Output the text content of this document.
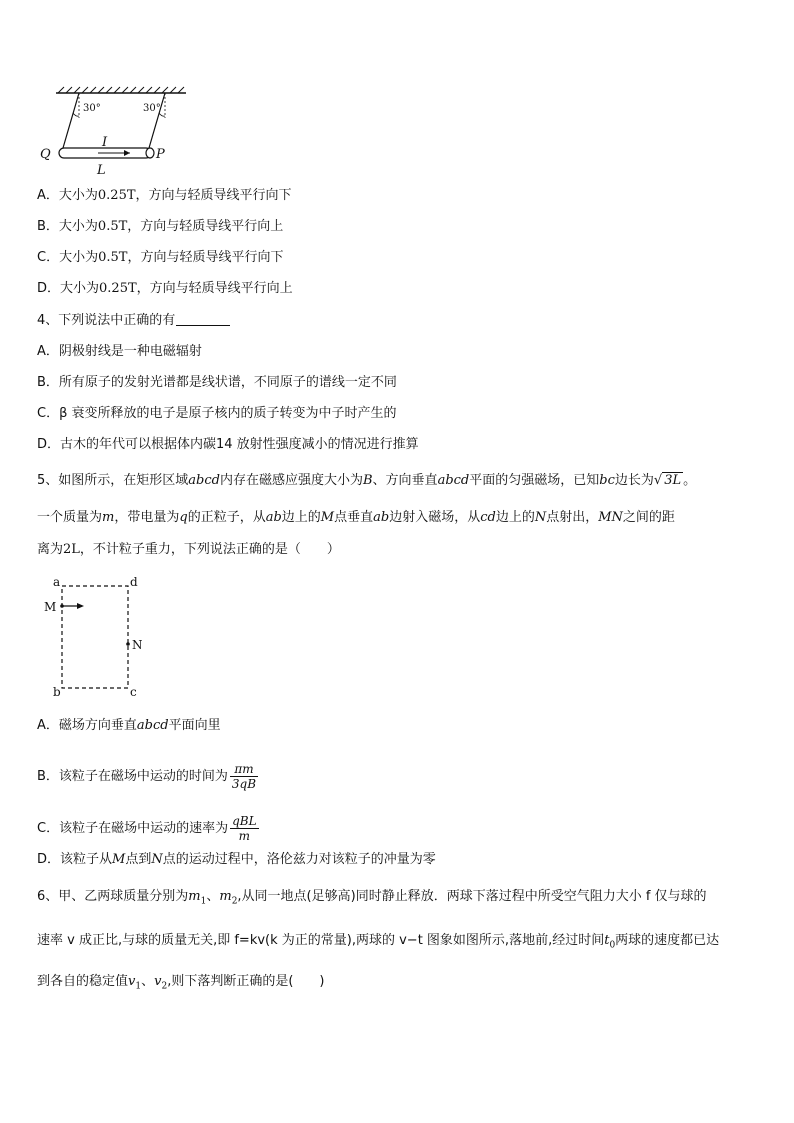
30°	30°
I
L
Q	P
A．大小为0.25T，方向与轻质导线平行向下
B．大小为0.5T，方向与轻质导线平行向上
C．大小为0.5T，方向与轻质导线平行向下
D．大小为0.25T，方向与轻质导线平行向上
4、下列说法中正确的有
A．阴极射线是一种电磁辐射
B．所有原子的发射光谱都是线状谱，不同原子的谱线一定不同
C．β 衰变所释放的电子是原子核内的质子转变为中子时产生的
D．古木的年代可以根据体内碳14 放射性强度减小的情况进行推算
5、如图所示，在矩形区域abcd内存在磁感应强度大小为B、方向垂直abcd平面的匀强磁场，已知bc边长为√ 3L 。
一个质量为m，带电量为q的正粒子，从ab边上的M点垂直ab边射入磁场，从cd边上的N点射出，MN之间的距
离为2L，不计粒子重力，下列说法正确的是（　　）
a	d
b	c
M
N
A．磁场方向垂直abcd平面向里
B．该粒子在磁场中运动的时间为 $\frac{\pi m}{3qB}$
C．该粒子在磁场中运动的速率为 $\frac{\text{qBL}}{m}$
D．该粒子从M点到N点的运动过程中，洛伦兹力对该粒子的冲量为零
6、甲、乙两球质量分别为$m_1$、$m_2$,从同一地点(足够高)同时静止释放．两球下落过程中所受空气阻力大小 f 仅与球的
速率 v 成正比,与球的质量无关,即 f=kv(k 为正的常量),两球的 v−t 图象如图所示,落地前,经过时间$t_0$两球的速度都已达
到各自的稳定值$v_1$、$v_2$,则下落判断正确的是(　　)
